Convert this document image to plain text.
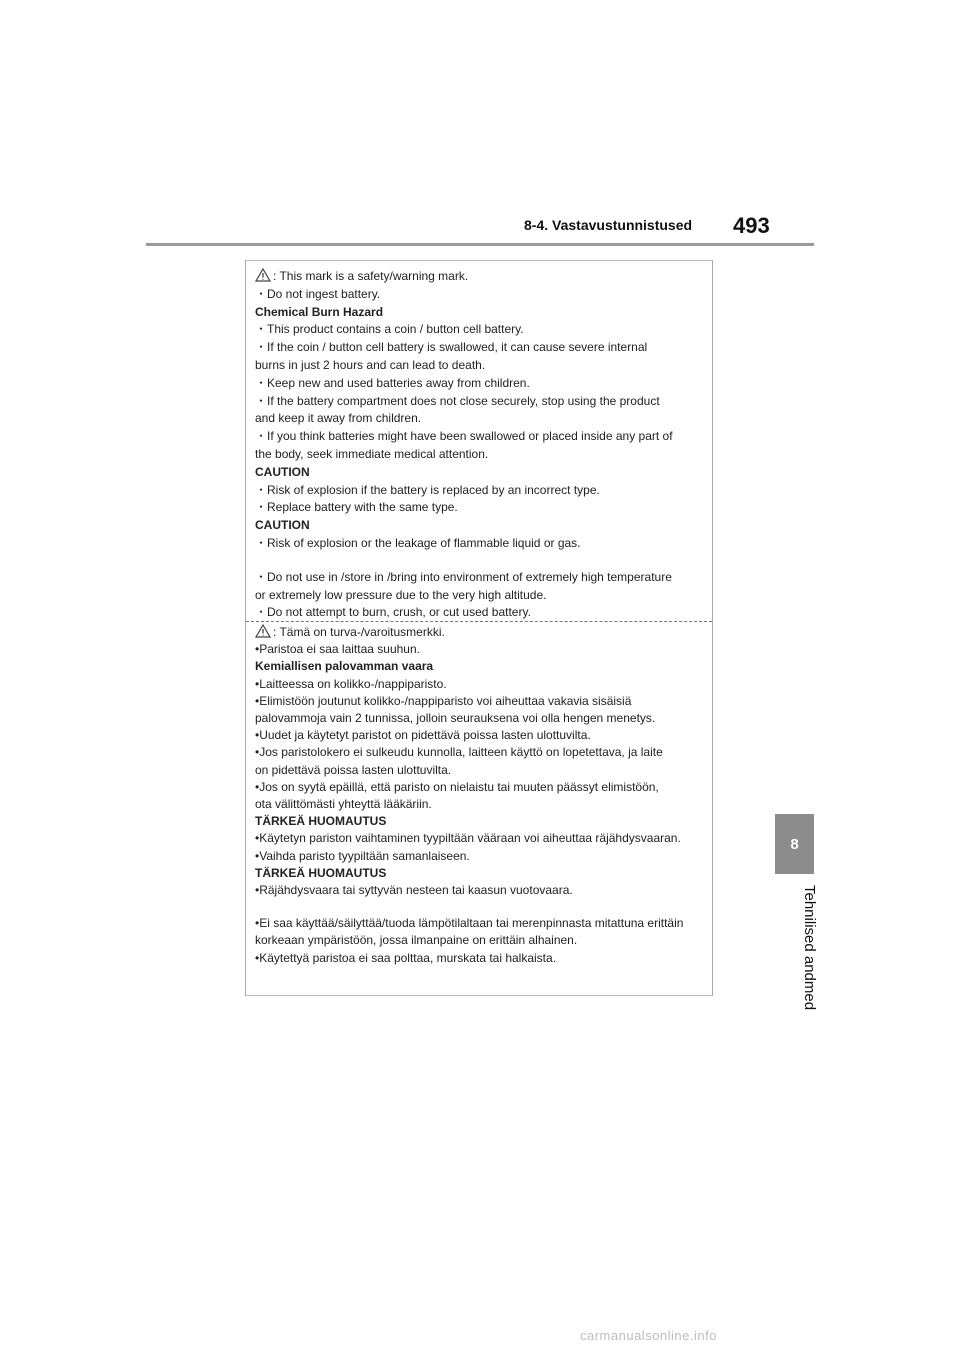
8-4. Vastavustunnistused 493
8
Tehnilised andmed
: This mark is a safety/warning mark.
・Do not ingest battery.
Chemical Burn Hazard
・This product contains a coin / button cell battery.
・If the coin / button cell battery is swallowed, it can cause severe internal
burns in just 2 hours and can lead to death.
・Keep new and used batteries away from children.
・If the battery compartment does not close securely, stop using the product
and keep it away from children.
・If you think batteries might have been swallowed or placed inside any part of
the body, seek immediate medical attention.
CAUTION
・Risk of explosion if the battery is replaced by an incorrect type.
・Replace battery with the same type.
CAUTION
・Risk of explosion or the leakage of flammable liquid or gas.
・Do not use in /store in /bring into environment of extremely high temperature
or extremely low pressure due to the very high altitude.
・Do not attempt to burn, crush, or cut used battery.
: Tämä on turva-/varoitusmerkki.
•Paristoa ei saa laittaa suuhun.
Kemiallisen palovamman vaara
•Laitteessa on kolikko-/nappiparisto.
•Elimistöön joutunut kolikko-/nappiparisto voi aiheuttaa vakavia sisäisiä
palovammoja vain 2 tunnissa, jolloin seurauksena voi olla hengen menetys.
•Uudet ja käytetyt paristot on pidettävä poissa lasten ulottuvilta.
•Jos paristolokero ei sulkeudu kunnolla, laitteen käyttö on lopetettava, ja laite
on pidettävä poissa lasten ulottuvilta.
•Jos on syytä epäillä, että paristo on nielaistu tai muuten päässyt elimistöön,
ota välittömästi yhteyttä lääkäriin.
TÄRKEÄ HUOMAUTUS
•Käytetyn pariston vaihtaminen tyypiltään vääraan voi aiheuttaa räjähdysvaaran.
•Vaihda paristo tyypiltään samanlaiseen.
TÄRKEÄ HUOMAUTUS
•Räjähdysvaara tai syttyvän nesteen tai kaasun vuotovaara.
•Ei saa käyttää/säilyttää/tuoda lämpötilaltaan tai merenpinnasta mitattuna erittäin
korkeaan ympäristöön, jossa ilmanpaine on erittäin alhainen.
•Käytettyä paristoa ei saa polttaa, murskata tai halkaista.
carmanualsonline.info
